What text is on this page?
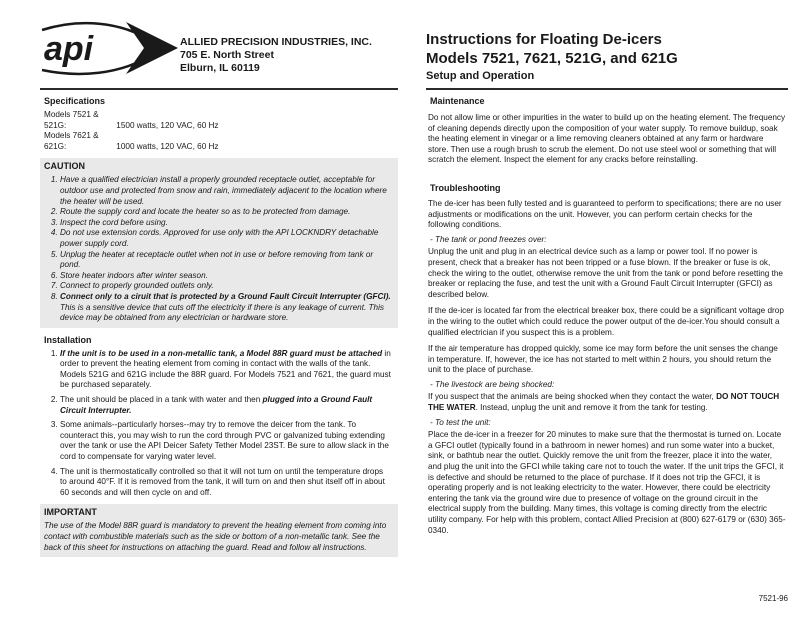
api	ALLIED PRECISION INDUSTRIES, INC.
705 E. North Street
Elburn, IL 60119
Instructions for Floating De-icers
Models 7521, 7621, 521G, and 621G
Setup and Operation
Specifications
Models 7521 & 521G:	1500 watts, 120 VAC, 60 Hz
Models 7621 & 621G:	1000 watts, 120 VAC, 60 Hz
CAUTION
1. Have a qualified electrician install a properly grounded receptacle outlet, acceptable for outdoor use and protected from snow and rain, immediately adjacent to the location where the heater will be used.
2. Route the supply cord and locate the heater so as to be protected from damage.
3. Inspect the cord before using.
4. Do not use extension cords. Approved for use only with the API LOCKNDRY detachable power supply cord.
5. Unplug the heater at receptacle outlet when not in use or before removing from tank or pond.
6. Store heater indoors after winter season.
7. Connect to properly grounded outlets only.
8. Connect only to a ciruit that is protected by a Ground Fault Circuit Interrupter (GFCI). This is a sensitive device that cuts off the electricity if there is any leakage of current. This device may be obtained from any electrician or hardware store.
Installation
1. If the unit is to be used in a non-metallic tank, a Model 88R guard must be attached in order to prevent the heating element from coming in contact with the walls of the tank. Models 521G and 621G include the 88R guard. For Models 7521 and 7621, the guard must be purchased separately.
2. The unit should be placed in a tank with water and then plugged into a Ground Fault Circuit Interrupter.
3. Some animals--particularly horses--may try to remove the deicer from the tank. To counteract this, you may wish to run the cord through PVC or galvanized tubing extending over the tank or use the API Deicer Safety Tether Model 23ST. Be sure to allow slack in the cord to compensate for varying water level.
4. The unit is thermostatically controlled so that it will not turn on until the temperature drops to around 40°F. If it is removed from the tank, it will turn on and then shut itself off in about 60 seconds and will then cycle on and off.
IMPORTANT

The use of the Model 88R guard is mandatory to prevent the heating element from coming into contact with combustible materials such as the side or bottom of a non-metallic tank. See the back of this sheet for instructions on attaching the guard. Read and follow all instructions.

Maintenance

Do not allow lime or other impurities in the water to build up on the heating element. The frequency of cleaning depends directly upon the composition of your water supply. To remove buildup, soak the heating element in vinegar or a lime removing cleaners obtained at any farm or hardware store. Then use a rough brush to scrub the element. Do not use steel wool or something that will scratch the element. Inspect the element for any cracks before reinstalling.

Troubleshooting

The de-icer has been fully tested and is guaranteed to perform to specifications; there are no user adjustments or modifications on the unit. However, you can perform certain checks for the following conditions.

- The tank or pond freezes over:

Unplug the unit and plug in an electrical device such as a lamp or power tool. If no power is present, check that a breaker has not been tripped or a fuse blown. If the breaker or fuse is ok, check the wiring to the outlet, otherwise remove the unit from the tank or pond before resetting the breaker or replacing the fuse, and test the unit with a Ground Fault Circuit Interrupter (GFCI) as described below.

If the de-icer is located far from the electrical breaker box, there could be a significant voltage drop in the wiring to the outlet which could reduce the power output of the de-icer.You should consult a qualified electrician if you suspect this is a problem.

If the air temperature has dropped quickly, some ice may form before the unit senses the change in temperature. If, however, the ice has not started to melt within 2 hours, you should return the unit to the place of purchase.

- The livestock are being shocked:

If you suspect that the animals are being shocked when they contact the water, DO NOT TOUCH THE WATER. Instead, unplug the unit and remove it from the tank for testing.

- To test the unit:

Place the de-icer in a freezer for 20 minutes to make sure that the thermostat is turned on. Locate a GFCI outlet (typically found in a bathroom in newer homes) and run some water into a bucket, sink, or bathtub near the outlet. Quickly remove the unit from the freezer, place it into the water, and plug the unit into the GFCI while taking care not to touch the water. If the unit trips the GFCI, it is defective and should be returned to the place of purchase. If it does not trip the GFCI, it is operating properly and is not leaking electricity to the water. However, there could be electricity entering the tank via the ground wire due to presence of voltage on the ground circuit in the electrical supply from the building. Many times, this voltage is coming directly from the electric utility company. For help with this problem, contact Allied Precision at (800) 627-6179 or (630) 365-0340.

7521-96
